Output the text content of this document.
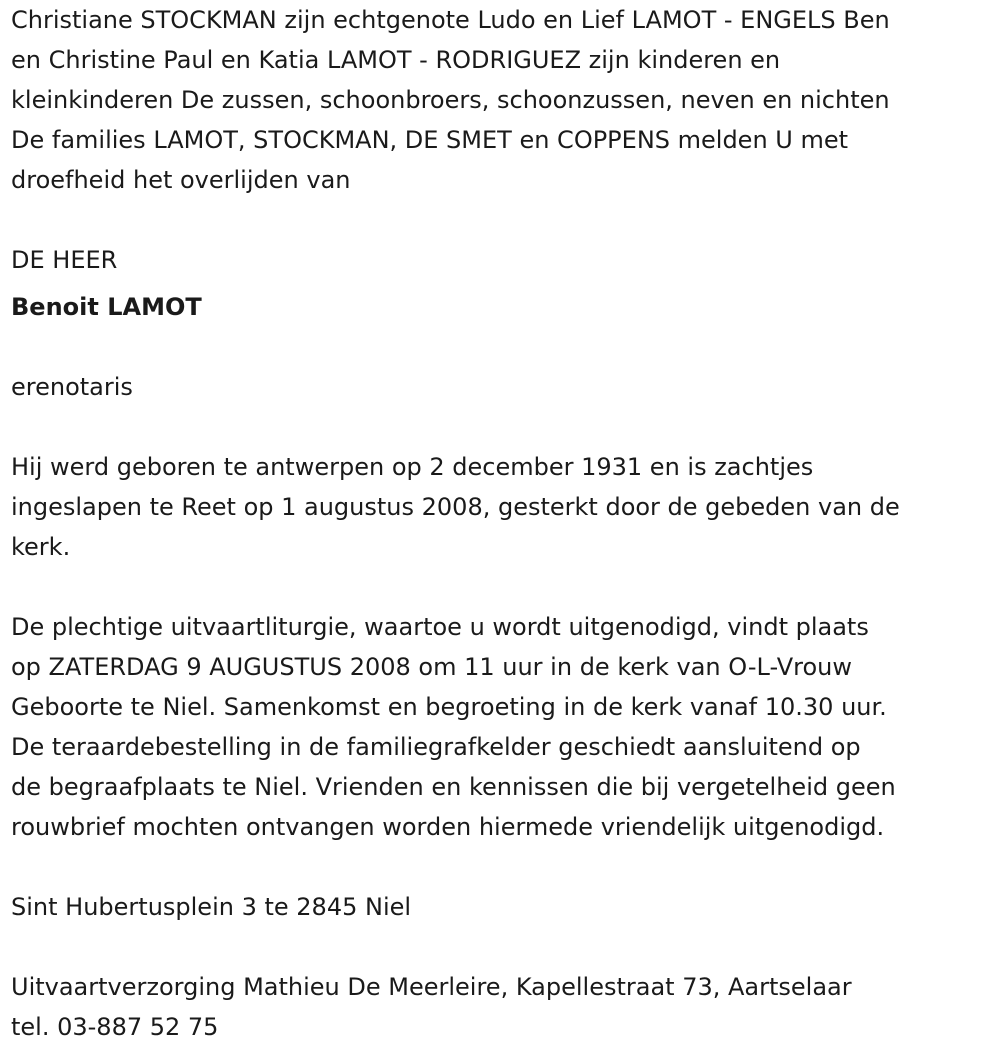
Christiane STOCKMAN zijn echtgenote Ludo en Lief LAMOT - ENGELS Ben
en Christine Paul en Katia LAMOT - RODRIGUEZ zijn kinderen en
kleinkinderen De zussen, schoonbroers, schoonzussen, neven en nichten
De families LAMOT, STOCKMAN, DE SMET en COPPENS melden U met
droefheid het overlijden van
DE HEER
Benoit LAMOT
erenotaris
Hij werd geboren te antwerpen op 2 december 1931 en is zachtjes
ingeslapen te Reet op 1 augustus 2008, gesterkt door de gebeden van de
kerk.
De plechtige uitvaartliturgie, waartoe u wordt uitgenodigd, vindt plaats
op ZATERDAG 9 AUGUSTUS 2008 om 11 uur in de kerk van O-L-Vrouw
Geboorte te Niel. Samenkomst en begroeting in de kerk vanaf 10.30 uur.
De teraardebestelling in de familiegrafkelder geschiedt aansluitend op
de begraafplaats te Niel. Vrienden en kennissen die bij vergetelheid geen
rouwbrief mochten ontvangen worden hiermede vriendelijk uitgenodigd.
Sint Hubertusplein 3 te 2845 Niel
Uitvaartverzorging Mathieu De Meerleire, Kapellestraat 73, Aartselaar
tel. 03-887 52 75
